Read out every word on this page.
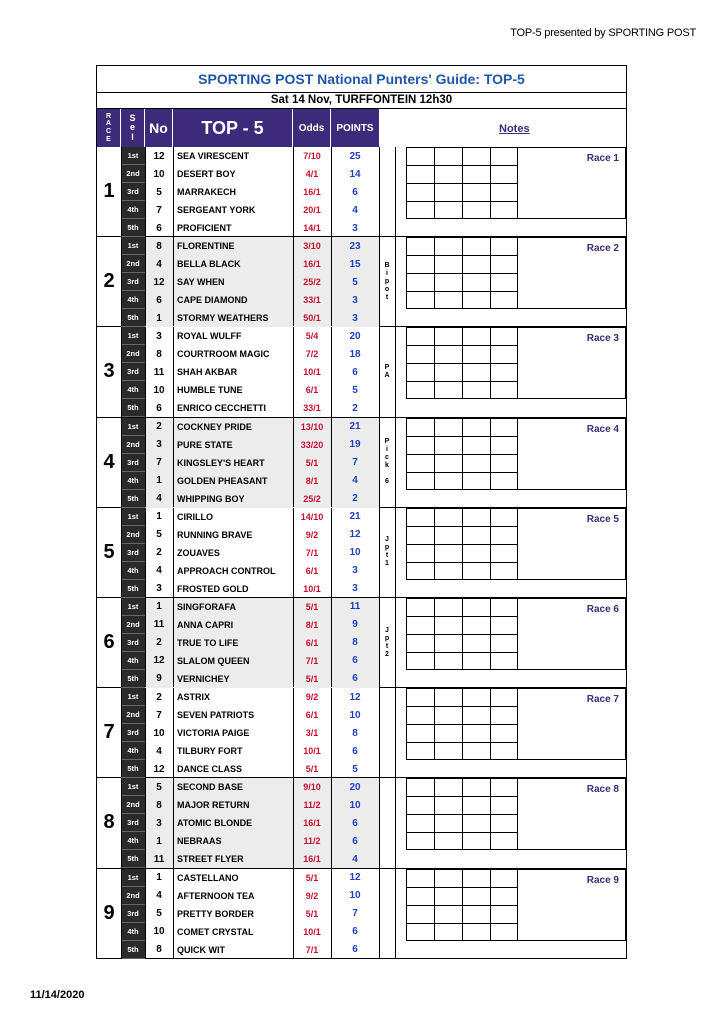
TOP-5 presented by SPORTING POST
SPORTING POST National Punters' Guide: TOP-5
Sat 14 Nov, TURFFONTEIN 12h30
R
A
C
E
S
e
l
No	TOP - 5	Odds	POINTS	Notes
1
1st	12	SEA VIRESCENT	7/10	25
2nd	10	DESERT BOY	4/1	14
3rd	5	MARRAKECH	16/1	6
4th	7	SERGEANT YORK	20/1	4
5th	6	PROFICIENT	14/1	3
Race 1
2
1st	8	FLORENTINE	3/10	23
2nd	4	BELLA BLACK	16/1	15
3rd	12	SAY WHEN	25/2	5
4th	6	CAPE DIAMOND	33/1	3
5th	1	STORMY WEATHERS	50/1	3
B
i
p
o
t
Race 2
3
1st	3	ROYAL WULFF	5/4	20
2nd	8	COURTROOM MAGIC	7/2	18
3rd	11	SHAH AKBAR	10/1	6
4th	10	HUMBLE TUNE	6/1	5
5th	6	ENRICO CECCHETTI	33/1	2
P
A
Race 3
4
1st	2	COCKNEY PRIDE	13/10	21
2nd	3	PURE STATE	33/20	19
3rd	7	KINGSLEY'S HEART	5/1	7
4th	1	GOLDEN PHEASANT	8/1	4
5th	4	WHIPPING BOY	25/2	2
P
i
c
k

6
Race 4
5
1st	1	CIRILLO	14/10	21
2nd	5	RUNNING BRAVE	9/2	12
3rd	2	ZOUAVES	7/1	10
4th	4	APPROACH CONTROL	6/1	3
5th	3	FROSTED GOLD	10/1	3
J
p
t
1
Race 5
6
1st	1	SINGFORAFA	5/1	11
2nd	11	ANNA CAPRI	8/1	9
3rd	2	TRUE TO LIFE	6/1	8
4th	12	SLALOM QUEEN	7/1	6
5th	9	VERNICHEY	5/1	6
J
p
t
2
Race 6
7
1st	2	ASTRIX	9/2	12
2nd	7	SEVEN PATRIOTS	6/1	10
3rd	10	VICTORIA PAIGE	3/1	8
4th	4	TILBURY FORT	10/1	6
5th	12	DANCE CLASS	5/1	5
Race 7
8
1st	5	SECOND BASE	9/10	20
2nd	8	MAJOR RETURN	11/2	10
3rd	3	ATOMIC BLONDE	16/1	6
4th	1	NEBRAAS	11/2	6
5th	11	STREET FLYER	16/1	4
Race 8
9
1st	1	CASTELLANO	5/1	12
2nd	4	AFTERNOON TEA	9/2	10
3rd	5	PRETTY BORDER	5/1	7
4th	10	COMET CRYSTAL	10/1	6
5th	8	QUICK WIT	7/1	6
Race 9
11/14/2020
